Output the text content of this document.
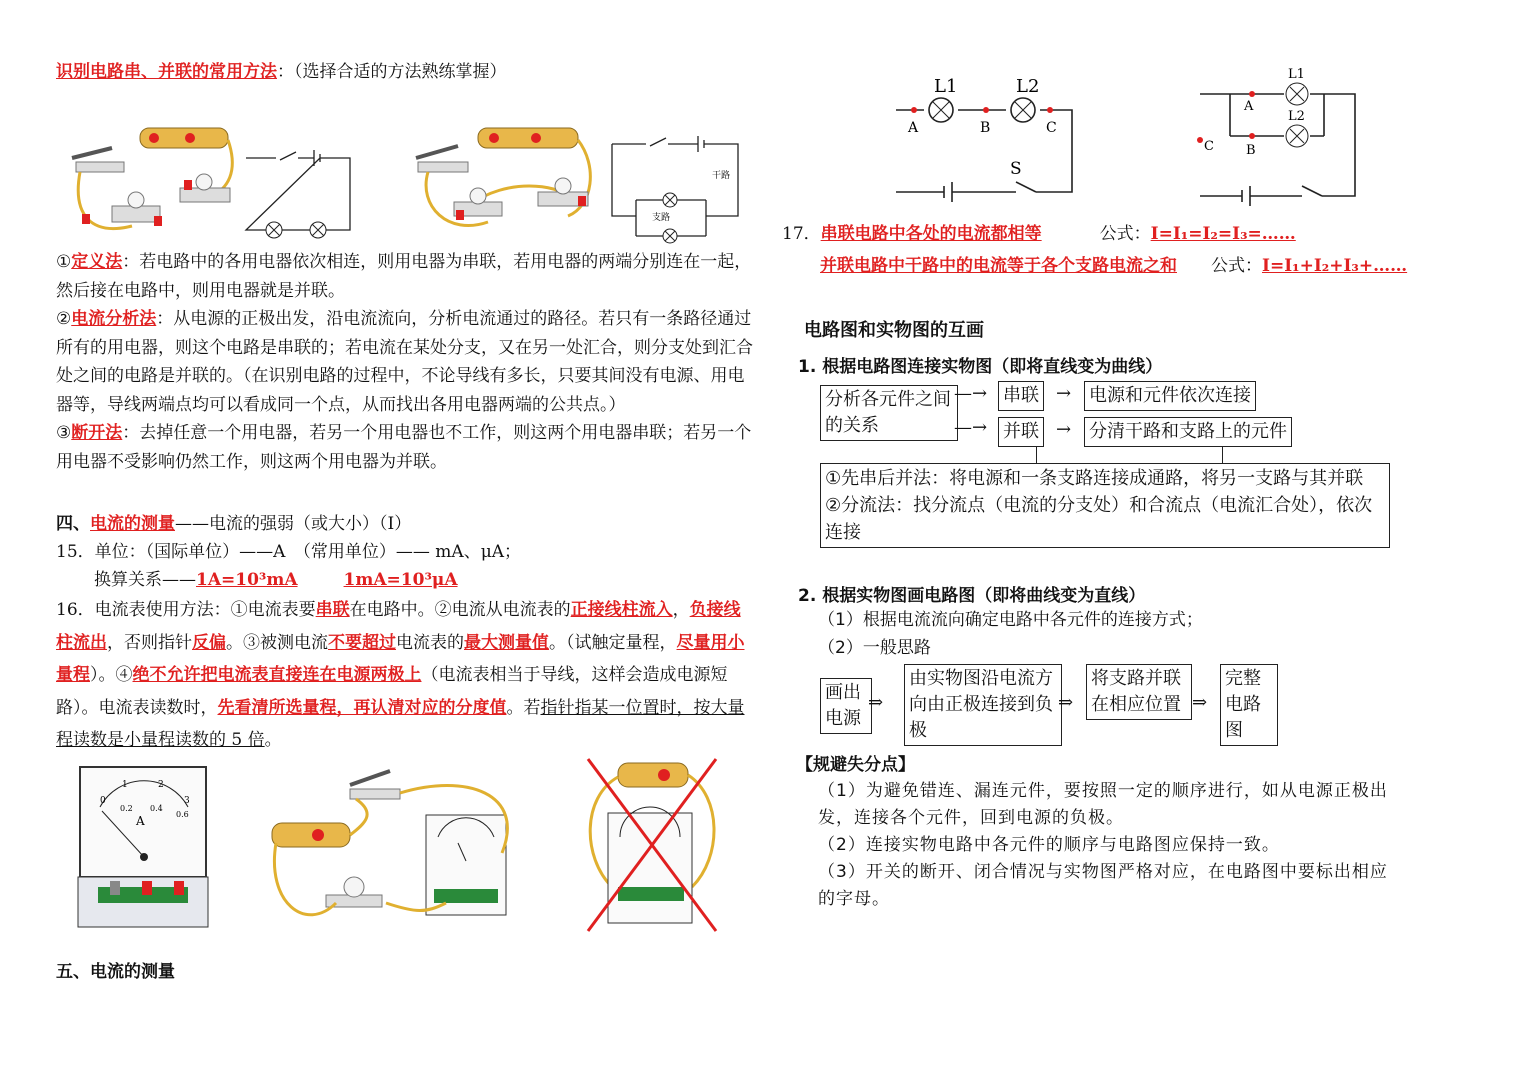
识别电路串、并联的常用方法：（选择合适的方法熟练掌握）
干路
支路
①定义法：若电路中的各用电器依次相连，则用电器为串联，若用电器的两端分别连在一起，然后接在电路中，则用电器就是并联。
②电流分析法：从电源的正极出发，沿电流流向，分析电流通过的路径。若只有一条路径通过所有的用电器，则这个电路是串联的；若电流在某处分支，又在另一处汇合，则分支处到汇合处之间的电路是并联的。（在识别电路的过程中，不论导线有多长，只要其间没有电源、用电器等，导线两端点均可以看成同一个点，从而找出各用电器两端的公共点。）
③断开法：去掉任意一个用电器，若另一个用电器也不工作，则这两个用电器串联；若另一个用电器不受影响仍然工作，则这两个用电器为并联。
四、电流的测量——电流的强弱（或大小）（I）
15．单位：（国际单位）——A　（常用单位）—— mA、μA；
换算关系——1A=10³mA	1mA=10³μA
16．电流表使用方法：①电流表要串联在电路中。②电流从电流表的正接线柱流入，负接线柱流出，否则指针反偏。③被测电流不要超过电流表的最大测量值。（试触定量程，尽量用小量程）。④绝不允许把电流表直接连在电源两极上（电流表相当于导线，这样会造成电源短路）。电流表读数时，先看清所选量程，再认清对应的分度值。若指针指某一位置时，按大量程读数是小量程读数的 5 倍。
0
1	2
3
0.2 0.4
0.6
A
五、电流的测量
L1	L2
A	B	C
S
L1
L2
A
B
C
17．串联电路中各处的电流都相等	公式：I=I₁=I₂=I₃=……
并联电路中干路中的电流等于各个支路电流之和 公式：I=I₁+I₂+I₃+……
电路图和实物图的互画
1. 根据电路图连接实物图（即将直线变为曲线）
分析各元件之间的关系
—→
—→
串联
并联
→
→
电源和元件依次连接
分清干路和支路上的元件
①先串后并法：将电源和一条支路连接成通路，将另一支路与其并联
②分流法：找分流点（电流的分支处）和合流点（电流汇合处），依次连接
2. 根据实物图画电路图（即将曲线变为直线）
（1）根据电流流向确定电路中各元件的连接方式；
（2）一般思路
画出电源
⇒
由实物图沿电流方向由正极连接到负极
⇒
将支路并联在相应位置 ⇒
完整电路图
【规避失分点】
（1）为避免错连、漏连元件，要按照一定的顺序进行，如从电源正极出发，连接各个元件，回到电源的负极。
（2）连接实物电路中各元件的顺序与电路图应保持一致。
（3）开关的断开、闭合情况与实物图严格对应，在电路图中要标出相应的字母。
